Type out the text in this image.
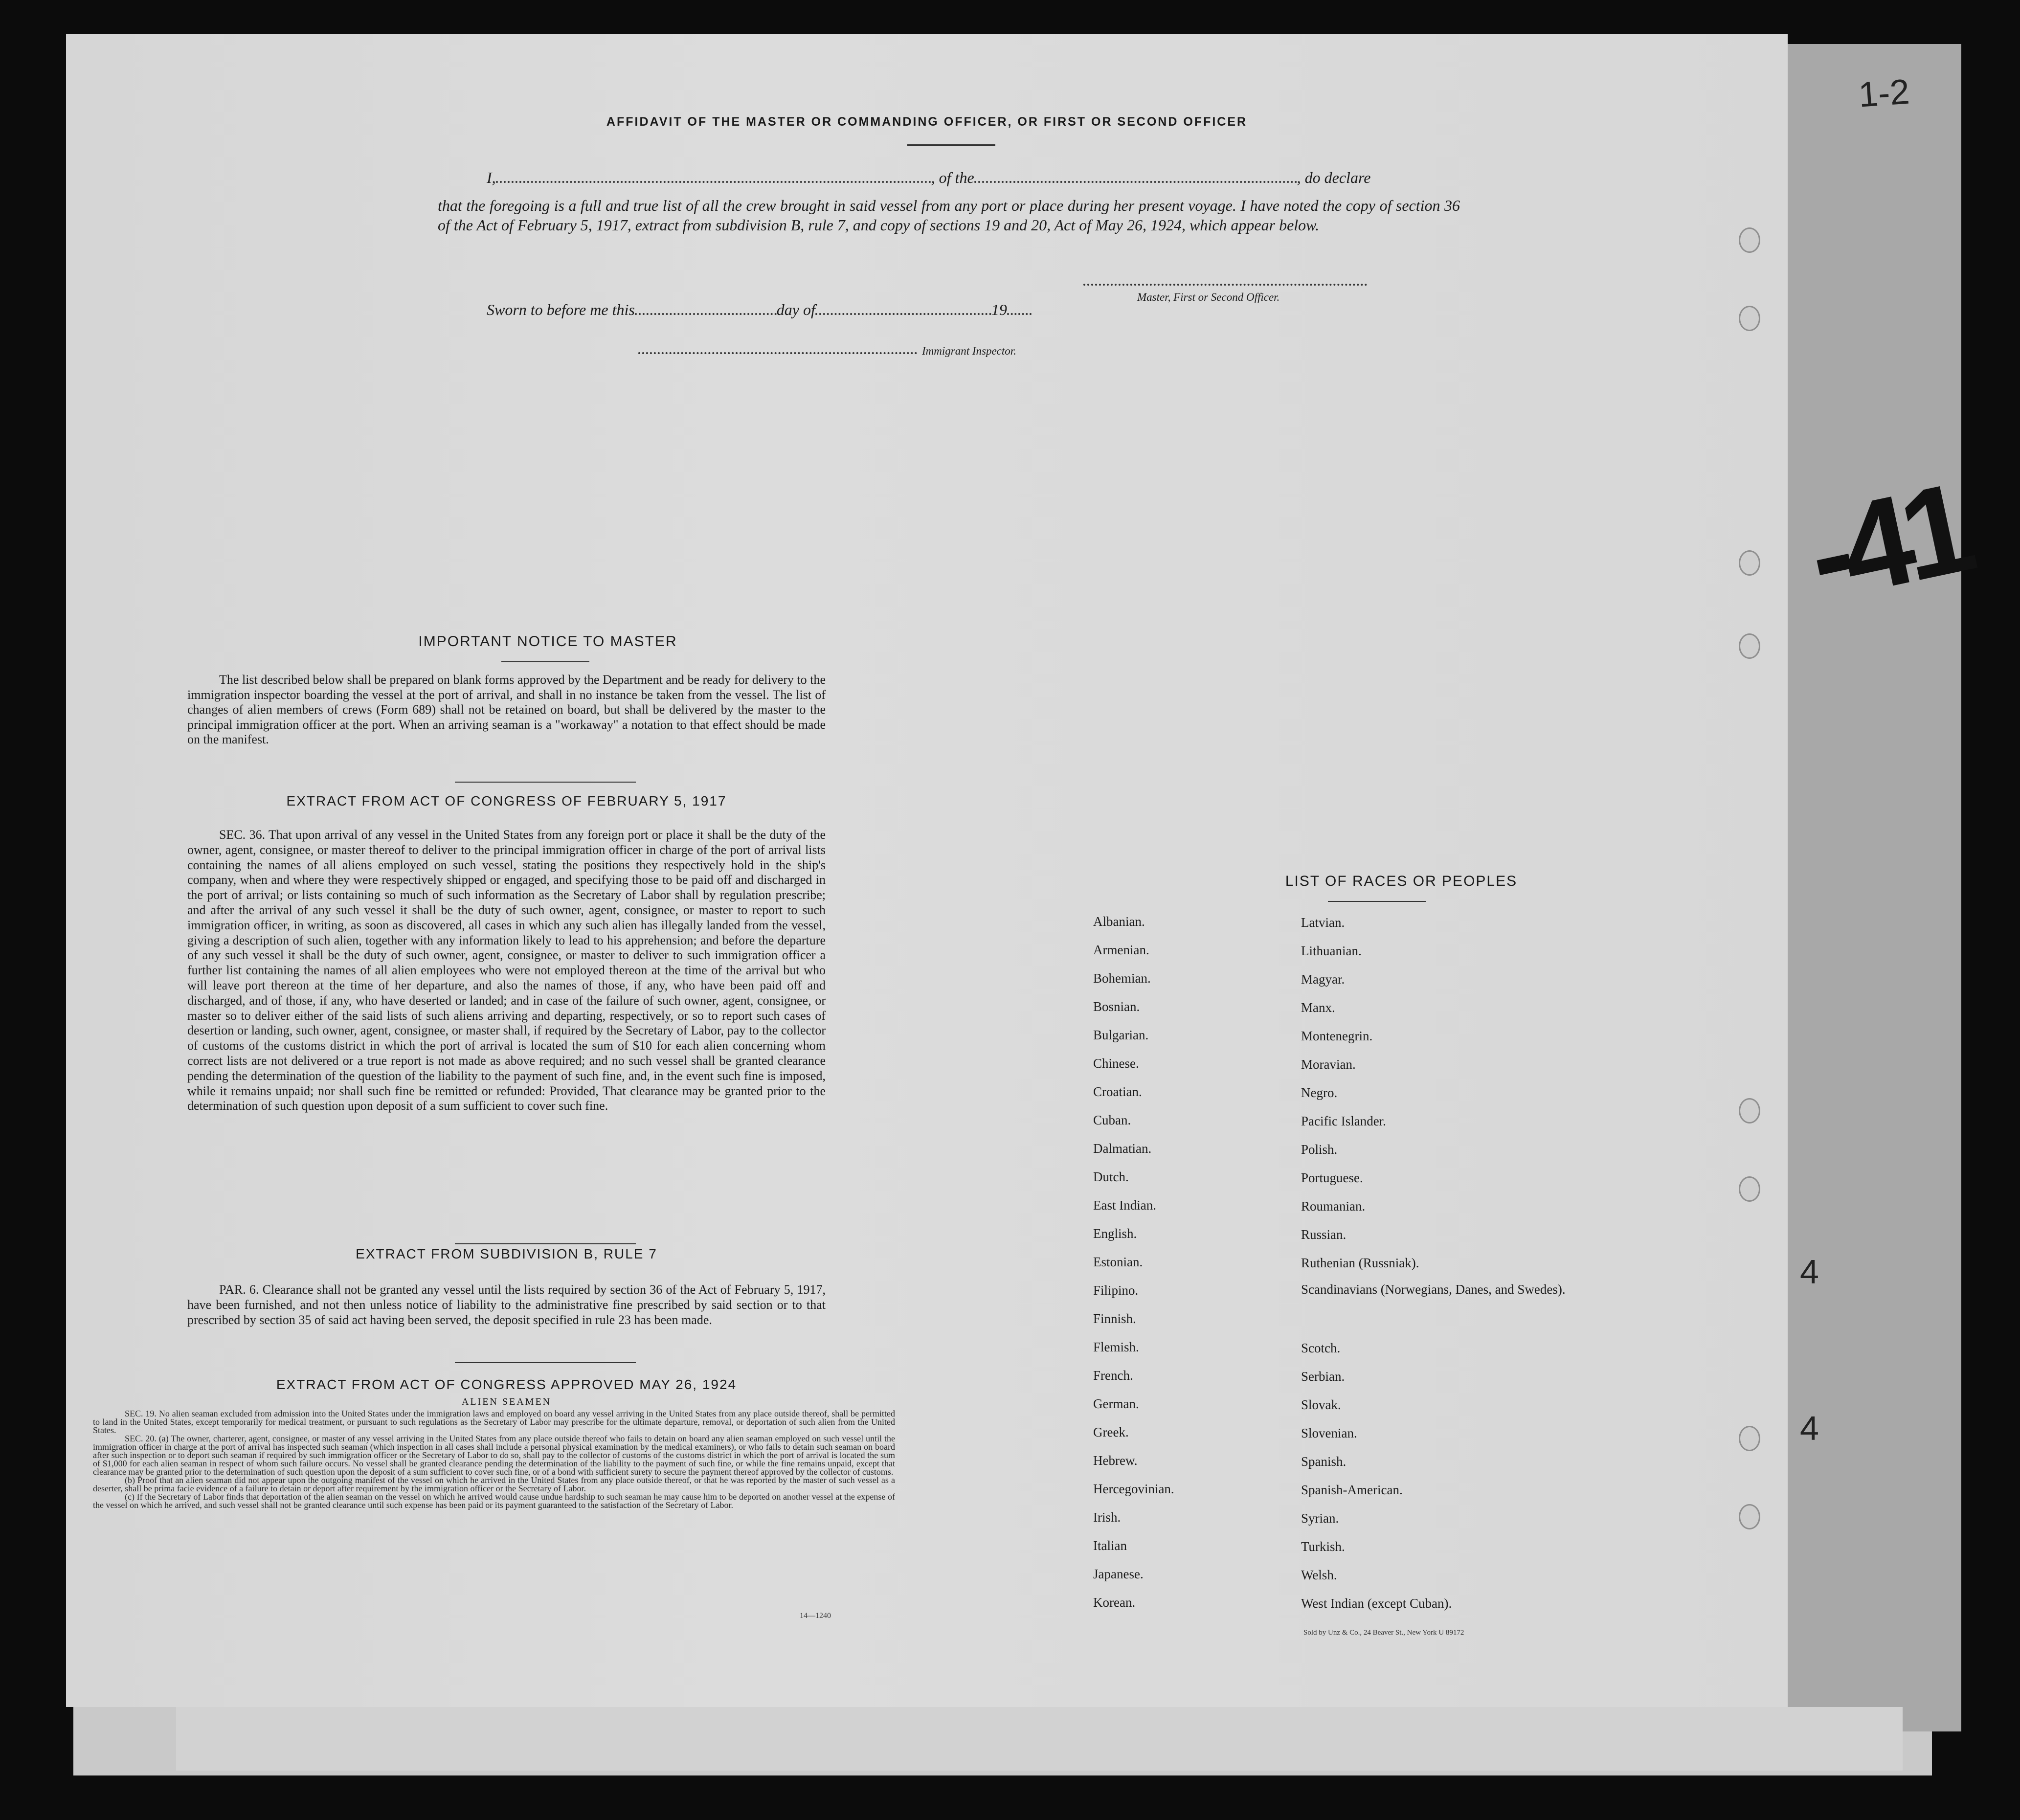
1-2
-41
4
4
AFFIDAVIT OF THE MASTER OR COMMANDING OFFICER, OR FIRST OR SECOND OFFICER
I,	, of the	, do declare
that the foregoing is a full and true list of all the crew brought in said vessel from any port or place during her present voyage. I have noted the copy of section 36 of the Act of February 5, 1917, extract from subdivision B, rule 7, and copy of sections 19 and 20, Act of May 26, 1924, which appear below.
Master, First or Second Officer.
Sworn to before me this	day of	19
Immigrant Inspector.
IMPORTANT NOTICE TO MASTER
The list described below shall be prepared on blank forms approved by the Department and be ready for delivery to the immigration inspector boarding the vessel at the port of arrival, and shall in no instance be taken from the vessel. The list of changes of alien members of crews (Form 689) shall not be retained on board, but shall be delivered by the master to the principal immigration officer at the port. When an arriving seaman is a "workaway" a notation to that effect should be made on the manifest.
EXTRACT FROM ACT OF CONGRESS OF FEBRUARY 5, 1917
SEC. 36. That upon arrival of any vessel in the United States from any foreign port or place it shall be the duty of the owner, agent, consignee, or master thereof to deliver to the principal immigration officer in charge of the port of arrival lists containing the names of all aliens employed on such vessel, stating the positions they respectively hold in the ship's company, when and where they were respectively shipped or engaged, and specifying those to be paid off and discharged in the port of arrival; or lists containing so much of such information as the Secretary of Labor shall by regulation prescribe; and after the arrival of any such vessel it shall be the duty of such owner, agent, consignee, or master to report to such immigration officer, in writing, as soon as discovered, all cases in which any such alien has illegally landed from the vessel, giving a description of such alien, together with any information likely to lead to his apprehension; and before the departure of any such vessel it shall be the duty of such owner, agent, consignee, or master to deliver to such immigration officer a further list containing the names of all alien employees who were not employed thereon at the time of the arrival but who will leave port thereon at the time of her departure, and also the names of those, if any, who have been paid off and discharged, and of those, if any, who have deserted or landed; and in case of the failure of such owner, agent, consignee, or master so to deliver either of the said lists of such aliens arriving and departing, respectively, or so to report such cases of desertion or landing, such owner, agent, consignee, or master shall, if required by the Secretary of Labor, pay to the collector of customs of the customs district in which the port of arrival is located the sum of $10 for each alien concerning whom correct lists are not delivered or a true report is not made as above required; and no such vessel shall be granted clearance pending the determination of the question of the liability to the payment of such fine, and, in the event such fine is imposed, while it remains unpaid; nor shall such fine be remitted or refunded: Provided, That clearance may be granted prior to the determination of such question upon deposit of a sum sufficient to cover such fine.
EXTRACT FROM SUBDIVISION B, RULE 7
PAR. 6. Clearance shall not be granted any vessel until the lists required by section 36 of the Act of February 5, 1917, have been furnished, and not then unless notice of liability to the administrative fine prescribed by said section or to that prescribed by section 35 of said act having been served, the deposit specified in rule 23 has been made.
EXTRACT FROM ACT OF CONGRESS APPROVED MAY 26, 1924
ALIEN SEAMEN
SEC. 19. No alien seaman excluded from admission into the United States under the immigration laws and employed on board any vessel arriving in the United States from any place outside thereof, shall be permitted to land in the United States, except temporarily for medical treatment, or pursuant to such regulations as the Secretary of Labor may prescribe for the ultimate departure, removal, or deportation of such alien from the United States.
SEC. 20. (a) The owner, charterer, agent, consignee, or master of any vessel arriving in the United States from any place outside thereof who fails to detain on board any alien seaman employed on such vessel until the immigration officer in charge at the port of arrival has inspected such seaman (which inspection in all cases shall include a personal physical examination by the medical examiners), or who fails to detain such seaman on board after such inspection or to deport such seaman if required by such immigration officer or the Secretary of Labor to do so, shall pay to the collector of customs of the customs district in which the port of arrival is located the sum of $1,000 for each alien seaman in respect of whom such failure occurs. No vessel shall be granted clearance pending the determination of the liability to the payment of such fine, or while the fine remains unpaid, except that clearance may be granted prior to the determination of such question upon the deposit of a sum sufficient to cover such fine, or of a bond with sufficient surety to secure the payment thereof approved by the collector of customs.
(b) Proof that an alien seaman did not appear upon the outgoing manifest of the vessel on which he arrived in the United States from any place outside thereof, or that he was reported by the master of such vessel as a deserter, shall be prima facie evidence of a failure to detain or deport after requirement by the immigration officer or the Secretary of Labor.
(c) If the Secretary of Labor finds that deportation of the alien seaman on the vessel on which he arrived would cause undue hardship to such seaman he may cause him to be deported on another vessel at the expense of the vessel on which he arrived, and such vessel shall not be granted clearance until such expense has been paid or its payment guaranteed to the satisfaction of the Secretary of Labor.
14—1240
LIST OF RACES OR PEOPLES
Albanian.
Armenian.
Bohemian.
Bosnian.
Bulgarian.
Chinese.
Croatian.
Cuban.
Dalmatian.
Dutch.
East Indian.
English.
Estonian.
Filipino.
Finnish.
Flemish.
French.
German.
Greek.
Hebrew.
Hercegovinian.
Irish.
Italian
Japanese.
Korean.
Latvian.
Lithuanian.
Magyar.
Manx.
Montenegrin.
Moravian.
Negro.
Pacific Islander.
Polish.
Portuguese.
Roumanian.
Russian.
Ruthenian (Russniak).
Scandinavians (Norwegians, Danes, and Swedes).
Scotch.
Serbian.
Slovak.
Slovenian.
Spanish.
Spanish-American.
Syrian.
Turkish.
Welsh.
West Indian (except Cuban).
Sold by Unz & Co., 24 Beaver St., New York U 89172
